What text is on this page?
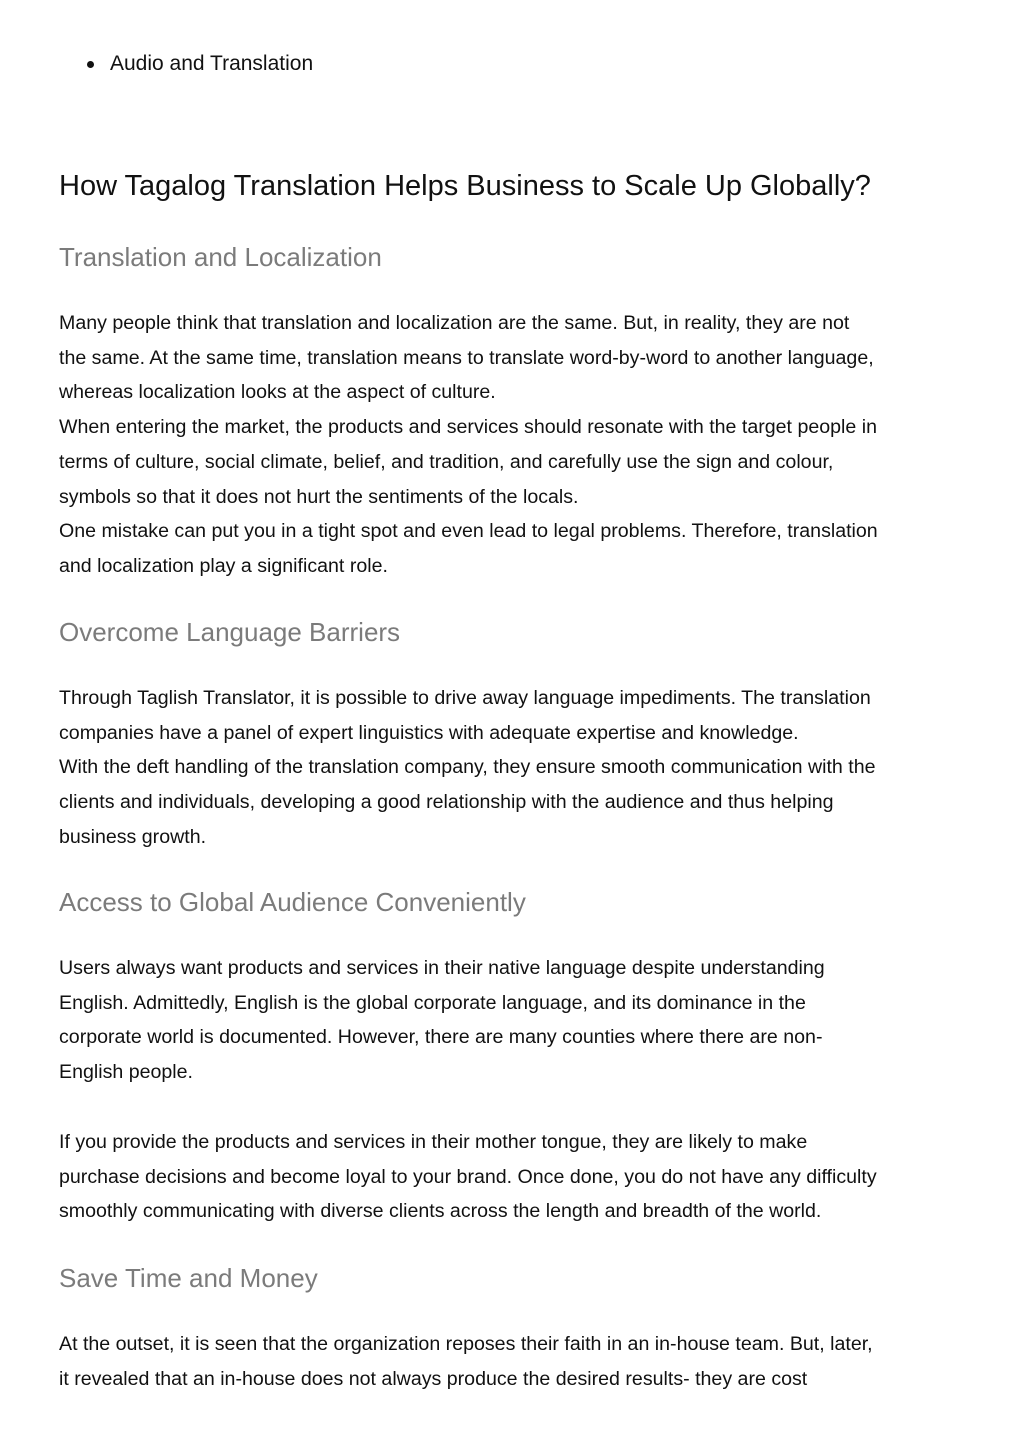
Audio and Translation
How Tagalog Translation Helps Business to Scale Up Globally?
Translation and Localization

Many people think that translation and localization are the same. But, in reality, they are not
the same. At the same time, translation means to translate word-by-word to another language,
whereas localization looks at the aspect of culture.
When entering the market, the products and services should resonate with the target people in
terms of culture, social climate, belief, and tradition, and carefully use the sign and colour,
symbols so that it does not hurt the sentiments of the locals.
One mistake can put you in a tight spot and even lead to legal problems. Therefore, translation
and localization play a significant role.

Overcome Language Barriers

Through Taglish Translator, it is possible to drive away language impediments. The translation
companies have a panel of expert linguistics with adequate expertise and knowledge.
With the deft handling of the translation company, they ensure smooth communication with the
clients and individuals, developing a good relationship with the audience and thus helping
business growth.

Access to Global Audience Conveniently

Users always want products and services in their native language despite understanding
English. Admittedly, English is the global corporate language, and its dominance in the
corporate world is documented. However, there are many counties where there are non-
English people.

If you provide the products and services in their mother tongue, they are likely to make
purchase decisions and become loyal to your brand. Once done, you do not have any difficulty
smoothly communicating with diverse clients across the length and breadth of the world.

Save Time and Money

At the outset, it is seen that the organization reposes their faith in an in-house team. But, later,
it revealed that an in-house does not always produce the desired results- they are cost
